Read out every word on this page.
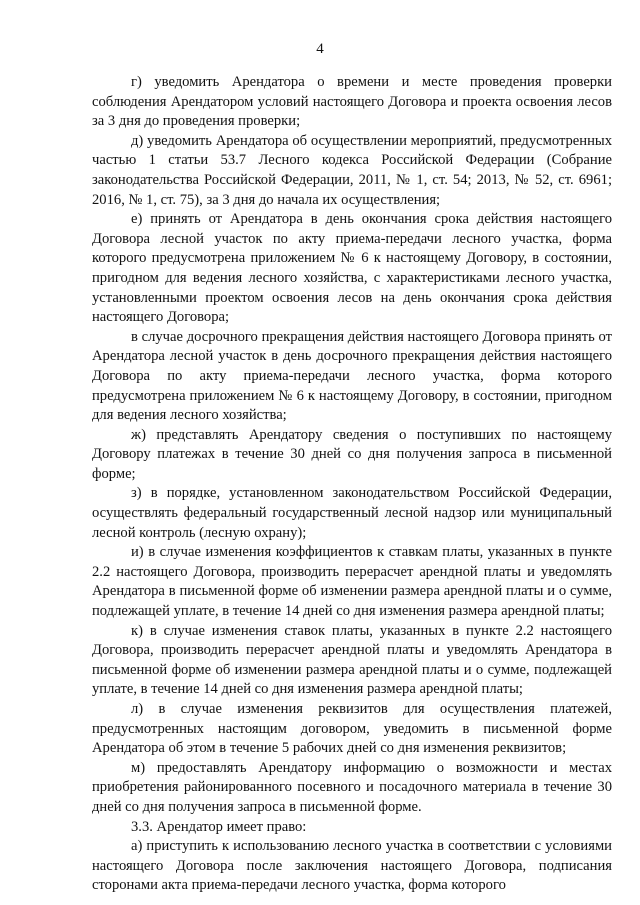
4

г) уведомить Арендатора о времени и месте проведения проверки соблюдения Арендатором условий настоящего Договора и проекта освоения лесов за 3 дня до проведения проверки;

д) уведомить Арендатора об осуществлении мероприятий, предусмотренных частью 1 статьи 53.7 Лесного кодекса Российской Федерации (Собрание законодательства Российской Федерации, 2011, № 1, ст. 54; 2013, № 52, ст. 6961; 2016, № 1, ст. 75), за 3 дня до начала их осуществления;

е) принять от Арендатора в день окончания срока действия настоящего Договора лесной участок по акту приема-передачи лесного участка, форма которого предусмотрена приложением № 6 к настоящему Договору, в состоянии, пригодном для ведения лесного хозяйства, с характеристиками лесного участка, установленными проектом освоения лесов на день окончания срока действия настоящего Договора;

в случае досрочного прекращения действия настоящего Договора принять от Арендатора лесной участок в день досрочного прекращения действия настоящего Договора по акту приема-передачи лесного участка, форма которого предусмотрена приложением № 6 к настоящему Договору, в состоянии, пригодном для ведения лесного хозяйства;

ж) представлять Арендатору сведения о поступивших по настоящему Договору платежах в течение 30 дней со дня получения запроса в письменной форме;

з) в порядке, установленном законодательством Российской Федерации, осуществлять федеральный государственный лесной надзор или муниципальный лесной контроль (лесную охрану);

и) в случае изменения коэффициентов к ставкам платы, указанных в пункте 2.2 настоящего Договора, производить перерасчет арендной платы и уведомлять Арендатора в письменной форме об изменении размера арендной платы и о сумме, подлежащей уплате, в течение 14 дней со дня изменения размера арендной платы;

к) в случае изменения ставок платы, указанных в пункте 2.2 настоящего Договора, производить перерасчет арендной платы и уведомлять Арендатора в письменной форме об изменении размера арендной платы и о сумме, подлежащей уплате, в течение 14 дней со дня изменения размера арендной платы;

л) в случае изменения реквизитов для осуществления платежей, предусмотренных настоящим договором, уведомить в письменной форме Арендатора об этом в течение 5 рабочих дней со дня изменения реквизитов;

м) предоставлять Арендатору информацию о возможности и местах приобретения районированного посевного и посадочного материала в течение 30 дней со дня получения запроса в письменной форме.

3.3. Арендатор имеет право:

а) приступить к использованию лесного участка в соответствии с условиями настоящего Договора после заключения настоящего Договора, подписания сторонами акта приема-передачи лесного участка, форма которого
